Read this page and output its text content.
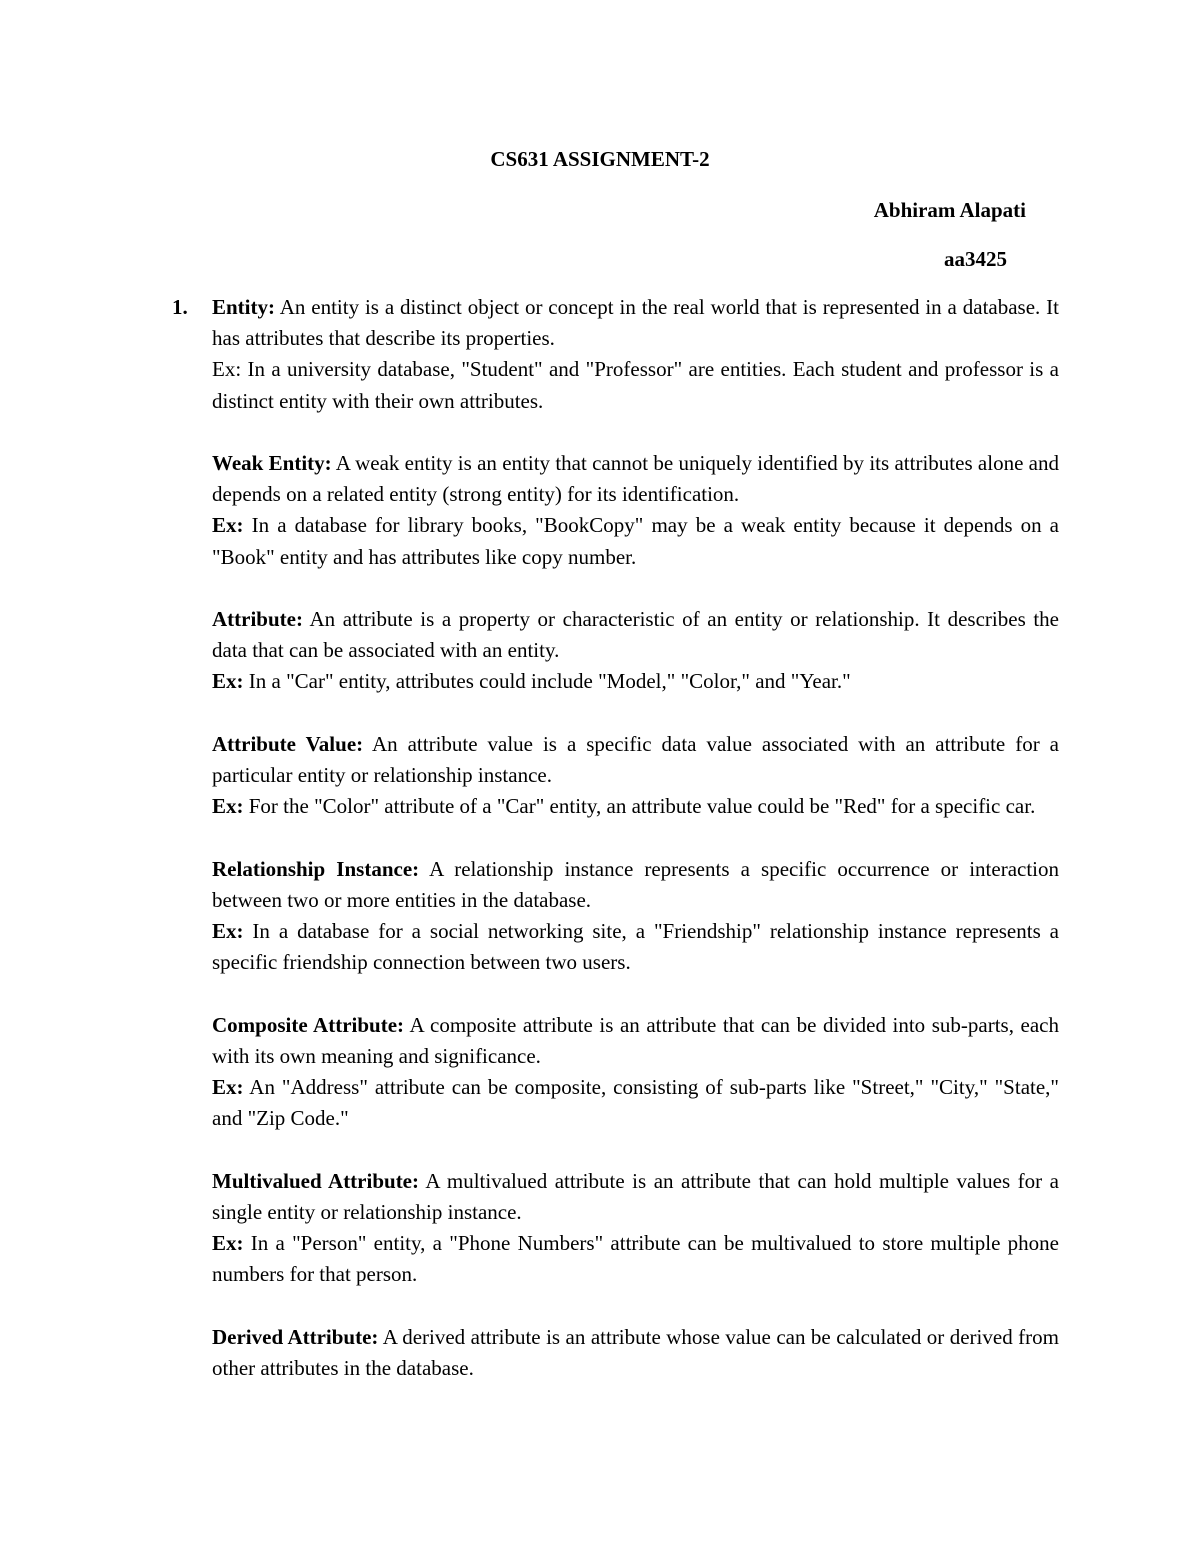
CS631 ASSIGNMENT-2
Abhiram Alapati
aa3425
1. Entity: An entity is a distinct object or concept in the real world that is represented in a database. It has attributes that describe its properties.

Ex: In a university database, "Student" and "Professor" are entities. Each student and professor is a distinct entity with their own attributes.

Weak Entity: A weak entity is an entity that cannot be uniquely identified by its attributes alone and depends on a related entity (strong entity) for its identification.

Ex: In a database for library books, "BookCopy" may be a weak entity because it depends on a "Book" entity and has attributes like copy number.

Attribute: An attribute is a property or characteristic of an entity or relationship. It describes the data that can be associated with an entity.

Ex: In a "Car" entity, attributes could include "Model," "Color," and "Year."

Attribute Value: An attribute value is a specific data value associated with an attribute for a particular entity or relationship instance.

Ex: For the "Color" attribute of a "Car" entity, an attribute value could be "Red" for a specific car.

Relationship Instance: A relationship instance represents a specific occurrence or interaction between two or more entities in the database.

Ex: In a database for a social networking site, a "Friendship" relationship instance represents a specific friendship connection between two users.

Composite Attribute: A composite attribute is an attribute that can be divided into sub-parts, each with its own meaning and significance.

Ex: An "Address" attribute can be composite, consisting of sub-parts like "Street," "City," "State," and "Zip Code."

Multivalued Attribute: A multivalued attribute is an attribute that can hold multiple values for a single entity or relationship instance.

Ex: In a "Person" entity, a "Phone Numbers" attribute can be multivalued to store multiple phone numbers for that person.

Derived Attribute: A derived attribute is an attribute whose value can be calculated or derived from other attributes in the database.
